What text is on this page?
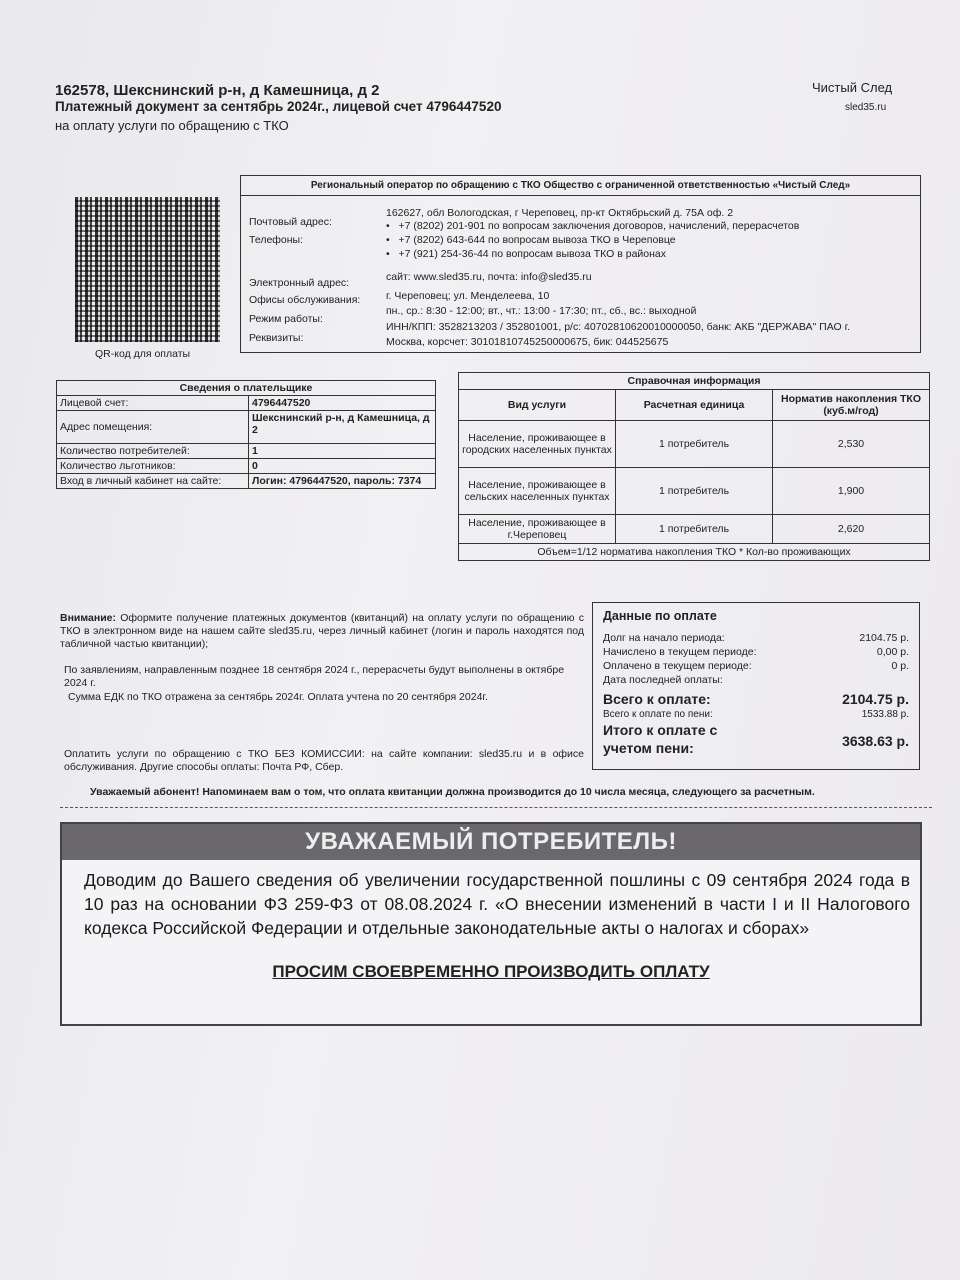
162578, Шекснинский р-н, д Камешница, д 2
Платежный документ за сентябрь 2024г., лицевой счет 4796447520
на оплату услуги по обращению с ТКО
Чистый След
sled35.ru
QR-код для оплаты
Региональный оператор по обращению с ТКО Общество с ограниченной ответственностью «Чистый След»
Почтовый адрес:
162627, обл Вологодская, г Череповец, пр-кт Октябрьский д. 75А оф. 2
Телефоны:
•   +7 (8202) 201-901 по вопросам заключения договоров, начислений, перерасчетов
•   +7 (8202) 643-644 по вопросам вывоза ТКО в Череповце
•   +7 (921) 254-36-44 по вопросам вывоза ТКО в районах
Электронный адрес:	сайт: www.sled35.ru, почта: info@sled35.ru
Офисы обслуживания:	г. Череповец; ул. Менделеева, 10
Режим работы:
пн., ср.: 8:30 - 12:00; вт., чт.: 13:00 - 17:30; пт., сб., вс.: выходной
Реквизиты:
ИНН/КПП: 3528213203 / 352801001, р/с: 40702810620010000050, банк: АКБ "ДЕРЖАВА" ПАО г.
Москва, корсчет: 30101810745250000675, бик: 044525675
Сведения о плательщике	
Лицевой счет:	4796447520
Адрес помещения:	Шекснинский р-н, д Камешница, д 2
Количество потребителей:	1
Количество льготников:	0
Вход в личный кабинет на сайте:	Логин: 4796447520, пароль: 7374
Справочная информация		
Вид услуги	Расчетная единица	Норматив накопления ТКО (куб.м/год)
Население, проживающее в городских населенных пунктах	1 потребитель	2,530
Население, проживающее в сельских населенных пунктах	1 потребитель	1,900
Население, проживающее в г.Череповец	1 потребитель	2,620
Объем=1/12 норматива накопления ТКО * Кол-во проживающих		
Внимание: Оформите получение платежных документов (квитанций) на оплату услуги по обращению с ТКО в электронном виде на нашем сайте sled35.ru, через личный кабинет (логин и пароль находятся под табличной частью квитанции);
По заявлениям, направленным позднее 18 сентября 2024 г., перерасчеты будут выполнены в октябре 2024 г.
Сумма ЕДК по ТКО отражена за сентябрь 2024г. Оплата учтена по 20 сентября 2024г.
Оплатить услуги по обращению с ТКО БЕЗ КОМИССИИ: на сайте компании: sled35.ru и в офисе обслуживания. Другие способы оплаты: Почта РФ, Сбер.
Данные по оплате
Долг на начало периода:	2104.75 р.
Начислено в текущем периоде:	0,00 р.
Оплачено в текущем периоде:	0 р.
Дата последней оплаты:
Всего к оплате:	2104.75 р.
Всего к оплате по пени:	1533.88 р.
Итого к оплате с учетом пени:	3638.63 р.
Уважаемый абонент! Напоминаем вам о том, что оплата квитанции должна производится до 10 числа месяца, следующего за расчетным.
УВАЖАЕМЫЙ ПОТРЕБИТЕЛЬ!
Доводим до Вашего сведения об увеличении государственной пошлины с 09 сентября 2024 года в 10 раз на основании ФЗ 259-ФЗ от 08.08.2024 г. «О внесении изменений в части I и II Налогового кодекса Российской Федерации и отдельные законодательные акты о налогах и сборах»
ПРОСИМ СВОЕВРЕМЕННО ПРОИЗВОДИТЬ ОПЛАТУ
